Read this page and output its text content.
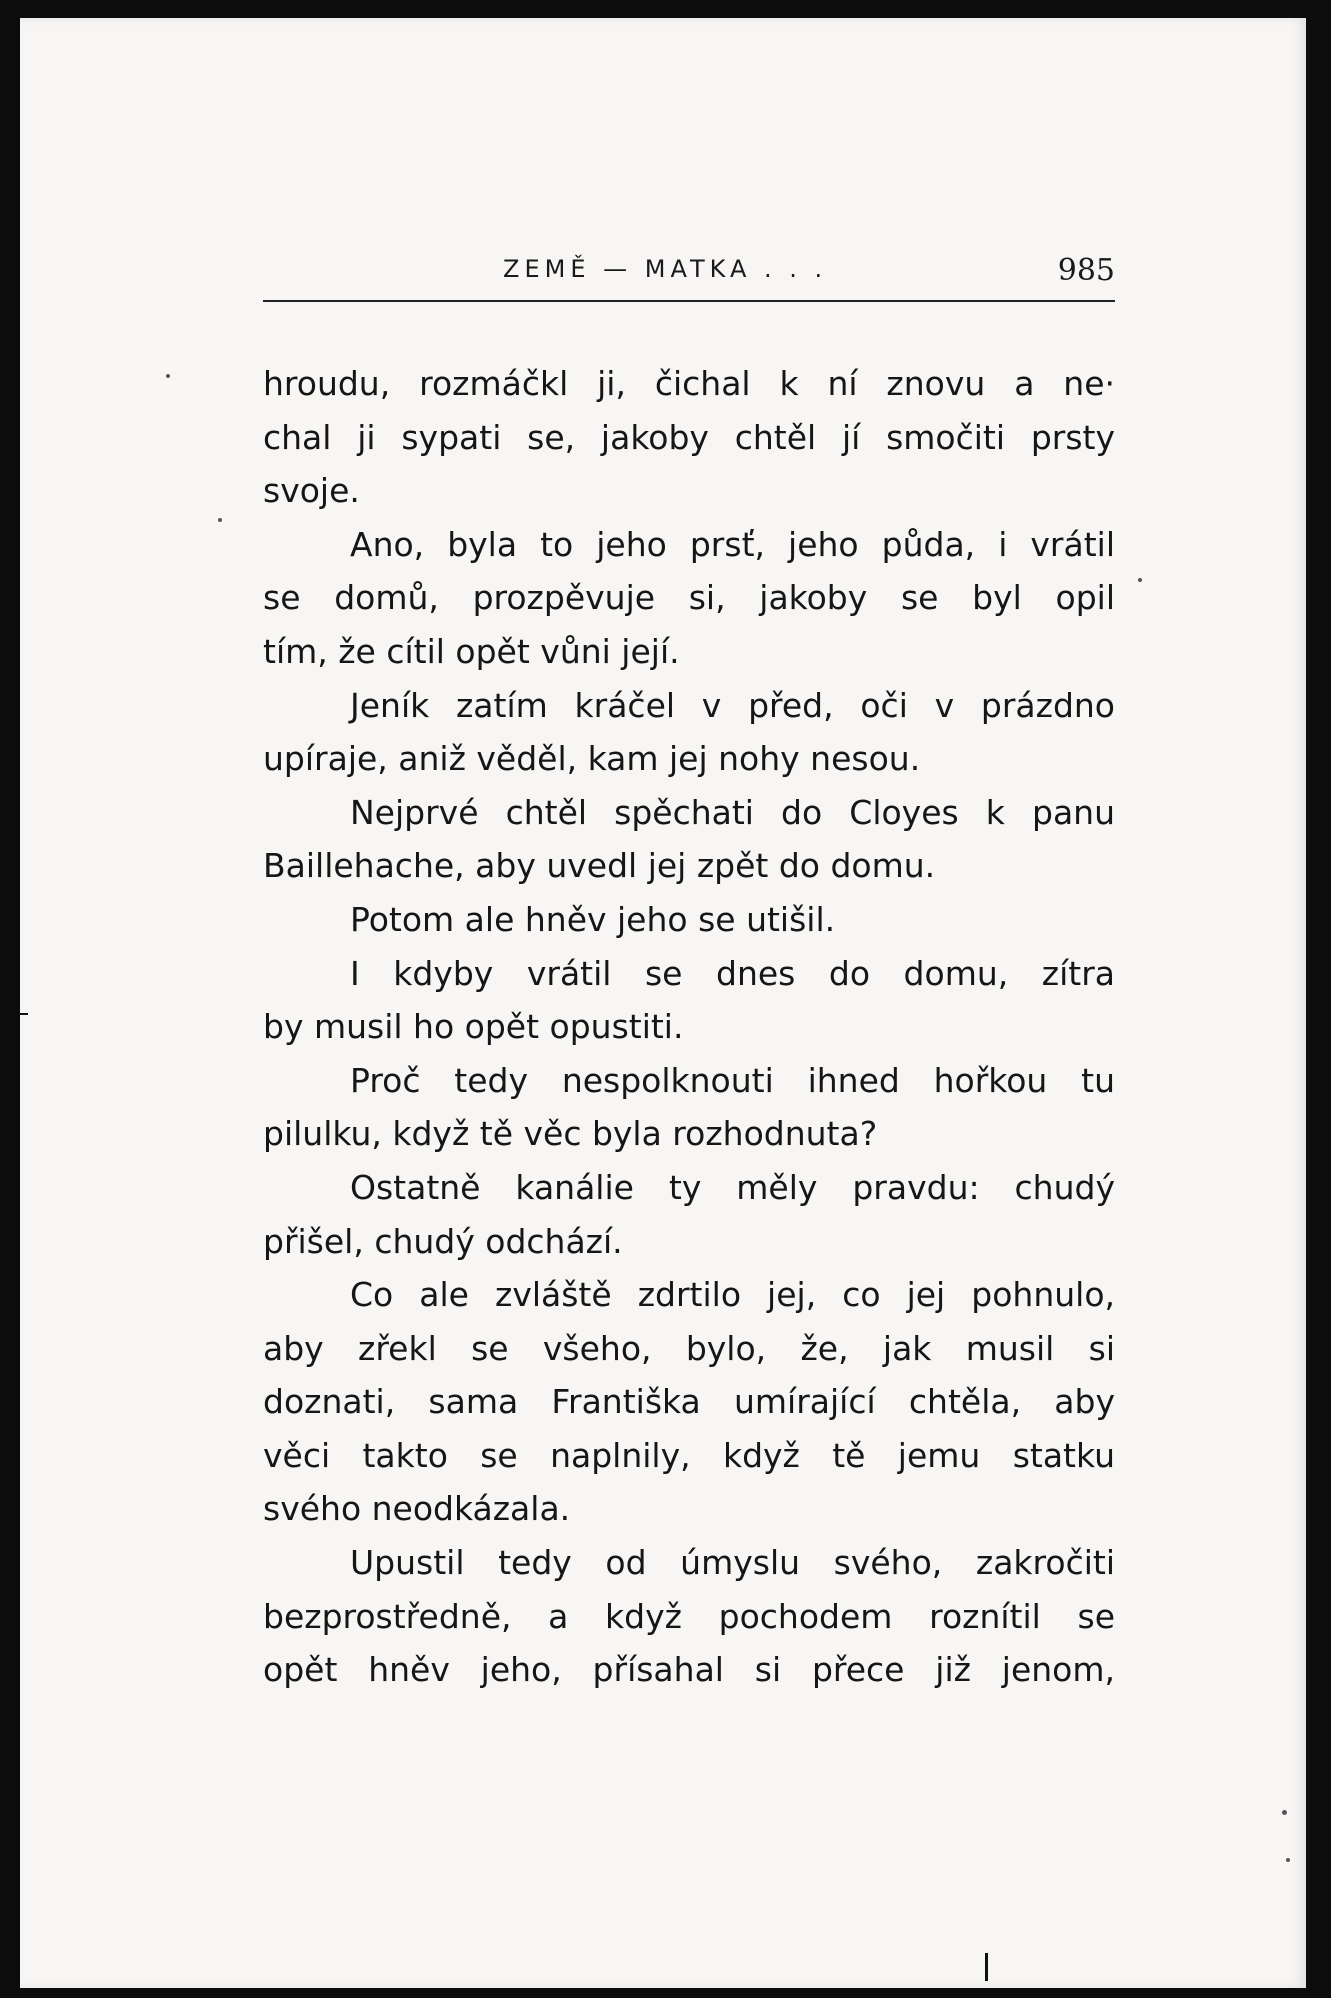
ZEMĚ — MATKA . . .	985
hroudu, rozmáčkl ji, čichal k ní znovu a ne·
chal ji sypati se, jakoby chtěl jí smočiti prsty
svoje.
Ano, byla to jeho prsť, jeho půda, i vrátil
se domů, prozpěvuje si, jakoby se byl opil
tím, že cítil opět vůni její.
Jeník zatím kráčel v před, oči v prázdno
upíraje, aniž věděl, kam jej nohy nesou.
Nejprvé chtěl spěchati do Cloyes k panu
Baillehache, aby uvedl jej zpět do domu.
Potom ale hněv jeho se utišil.
I kdyby vrátil se dnes do domu, zítra
by musil ho opět opustiti.
Proč tedy nespolknouti ihned hořkou tu
pilulku, když tě věc byla rozhodnuta?
Ostatně kanálie ty měly pravdu: chudý
přišel, chudý odchází.
Co ale zvláště zdrtilo jej, co jej pohnulo,
aby zřekl se všeho, bylo, že, jak musil si
doznati, sama Františka umírající chtěla, aby
věci takto se naplnily, když tě jemu statku
svého neodkázala.
Upustil tedy od úmyslu svého, zakročiti
bezprostředně, a když pochodem roznítil se
opět hněv jeho, přísahal si přece již jenom,
